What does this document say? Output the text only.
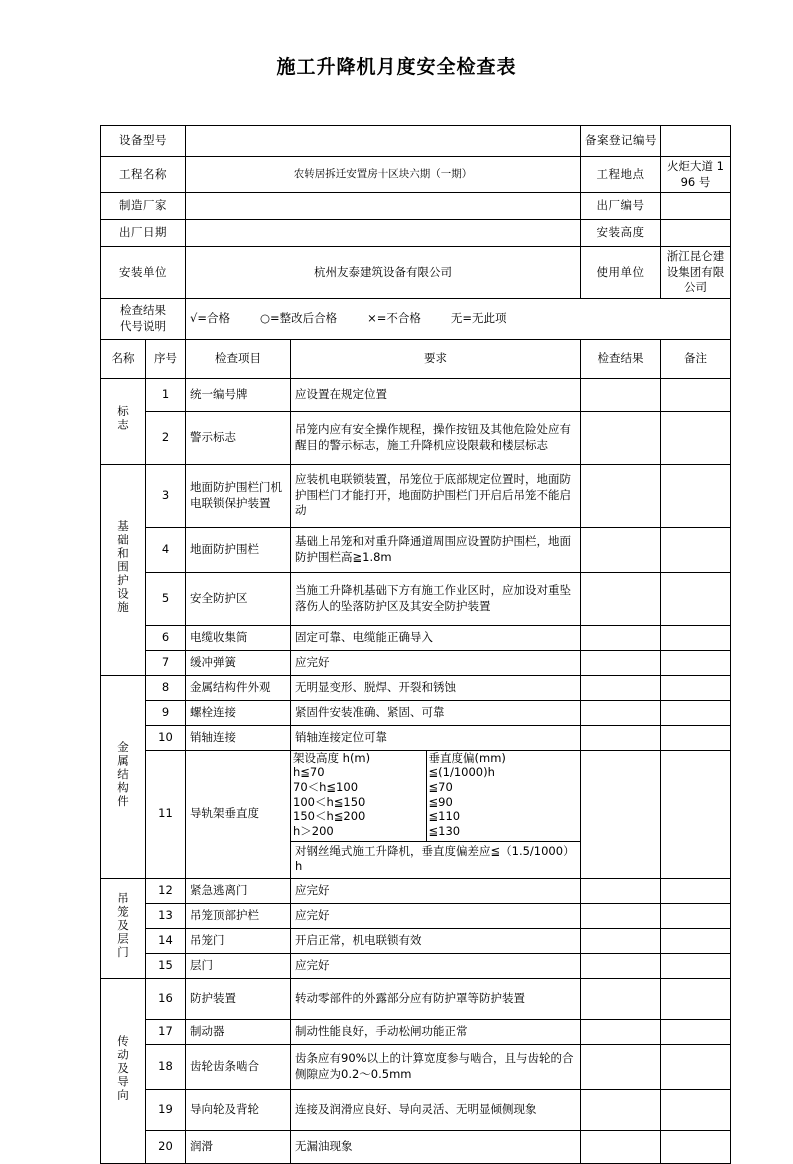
施工升降机月度安全检查表
设备型号		备案登记编号	
工程名称	农转居拆迁安置房十区块六期（一期）	工程地点	火炬大道 196 号
制造厂家		出厂编号	
出厂日期		安装高度	
安装单位	杭州友泰建筑设备有限公司	使用单位	浙江昆仑建设集团有限公司

检查结果
代号说明
	√=合格	○=整改后合格	×=不合格	无=无此项
名称	序号	检查项目	要求	检查结果	备注
标志	1	统一编号牌	应设置在规定位置		
2	警示标志	吊笼内应有安全操作规程，操作按钮及其他危险处应有醒目的警示标志，施工升降机应设限载和楼层标志		
基础和围护设施	3	地面防护围栏门机电联锁保护装置	应装机电联锁装置，吊笼位于底部规定位置时，地面防护围栏门才能打开，地面防护围栏门开启后吊笼不能启动		
4	地面防护围栏	基础上吊笼和对重升降通道周围应设置防护围栏，地面防护围栏高≧1.8m		
5	安全防护区	当施工升降机基础下方有施工作业区时，应加设对重坠落伤人的坠落防护区及其安全防护装置		
6	电缆收集筒	固定可靠、电缆能正确导入		
7	缓冲弹簧	应完好		
金属结构件	8	金属结构件外观	无明显变形、脱焊、开裂和锈蚀		
9	螺栓连接	紧固件安装准确、紧固、可靠		
10	销轴连接	销轴连接定位可靠		
11	导轨架垂直度	
架设高度 h(m)	垂直度偏(mm)
h≦70	≦(1/1000)h
70＜h≦100	≦70
100＜h≦150	≦90
150＜h≦200	≦110
h＞200	≦130
对钢丝绳式施工升降机，垂直度偏差应≦（1.5/1000）h

吊笼及层门	12	紧急逃离门	应完好		
13	吊笼顶部护栏	应完好		
14	吊笼门	开启正常，机电联锁有效		
15	层门	应完好		
传动及导向	16	防护装置	转动零部件的外露部分应有防护罩等防护装置		
17	制动器	制动性能良好，手动松闸功能正常		
18	齿轮齿条啮合	齿条应有90%以上的计算宽度参与啮合，且与齿轮的合侧隙应为0.2～0.5mm		
19	导向轮及背轮	连接及润滑应良好、导向灵活、无明显倾侧现象		
20	润滑	无漏油现象		
